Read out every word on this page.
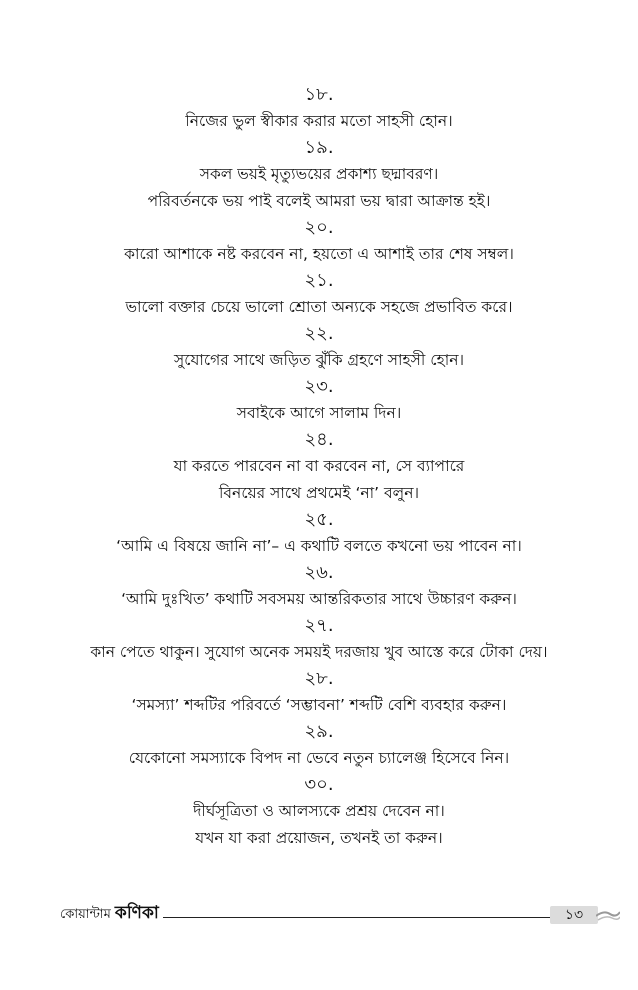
১৮.
নিজের ভুল স্বীকার করার মতো সাহসী হোন।
১৯.
সকল ভয়ই মৃত্যুভয়ের প্রকাশ্য ছদ্মাবরণ।
পরিবর্তনকে ভয় পাই বলেই আমরা ভয় দ্বারা আক্রান্ত হই।
২০.
কারো আশাকে নষ্ট করবেন না, হয়তো এ আশাই তার শেষ সম্বল।
২১.
ভালো বক্তার চেয়ে ভালো শ্রোতা অন্যকে সহজে প্রভাবিত করে।
২২.
সুযোগের সাথে জড়িত ঝুঁকি গ্রহণে সাহসী হোন।
২৩.
সবাইকে আগে সালাম দিন।
২৪.
যা করতে পারবেন না বা করবেন না, সে ব্যাপারে
বিনয়ের সাথে প্রথমেই ‘না’ বলুন।
২৫.
‘আমি এ বিষয়ে জানি না’– এ কথাটি বলতে কখনো ভয় পাবেন না।
২৬.
‘আমি দুঃখিত’ কথাটি সবসময় আন্তরিকতার সাথে উচ্চারণ করুন।
২৭.
কান পেতে থাকুন। সুযোগ অনেক সময়ই দরজায় খুব আস্তে করে টোকা দেয়।
২৮.
‘সমস্যা’ শব্দটির পরিবর্তে ‘সম্ভাবনা’ শব্দটি বেশি ব্যবহার করুন।
২৯.
যেকোনো সমস্যাকে বিপদ না ভেবে নতুন চ্যালেঞ্জ হিসেবে নিন।
৩০.
দীর্ঘসূত্রিতা ও আলস্যকে প্রশ্রয় দেবেন না।
যখন যা করা প্রয়োজন, তখনই তা করুন।
কোয়ান্টাম কণিকা	১৩
